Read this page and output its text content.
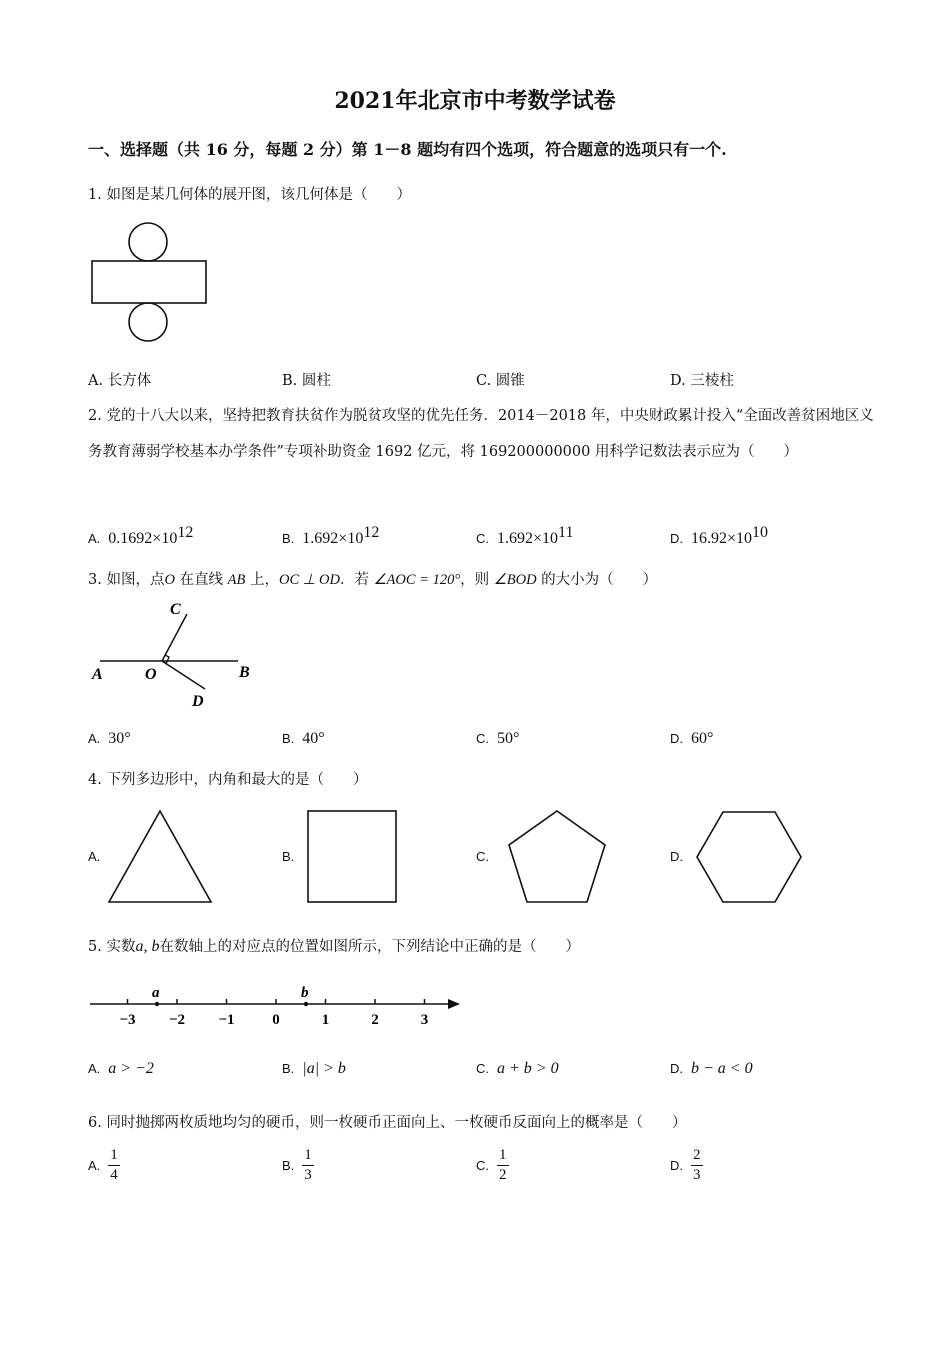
2021年北京市中考数学试卷
一、选择题（共 16 分，每题 2 分）第 1－8 题均有四个选项，符合题意的选项只有一个.
1. 如图是某几何体的展开图，该几何体是（　　）
A. 长方体	B. 圆柱	C. 圆锥	D. 三棱柱
2. 党的十八大以来，坚持把教育扶贫作为脱贫攻坚的优先任务．2014－2018 年，中央财政累计投入“全面改善贫困地区义务教育薄弱学校基本办学条件”专项补助资金 1692 亿元，将 169200000000 用科学记数法表示应为（　　）
A. $0.1692\times 10^{12}$	B. $1.692\times 10^{12}$	C. $1.692\times 10^{11}$	D. $16.92\times 10^{10}$
3. 如图，点O 在直线 AB 上，OC ⊥ OD．若 ∠AOC = 120°，则 ∠BOD 的大小为（　　）
A	O	B
C
D
A. 30°	B. 40°	C. 50°	D. 60°
4. 下列多边形中，内角和最大的是（　　）
A.	B.	C.	D.
5. 实数a, b在数轴上的对应点的位置如图所示，下列结论中正确的是（　　）
−3 −2 −1	0	1	2	3
a	b
A. a > −2	B. |a| > b	C. a + b > 0	D. b − a < 0
6. 同时抛掷两枚质地均匀的硬币，则一枚硬币正面向上、一枚硬币反面向上的概率是（　　）
A. $\frac{1}{4}$	B. $\frac{1}{3}$	C. $\frac{1}{2}$	D. $\frac{2}{3}$
